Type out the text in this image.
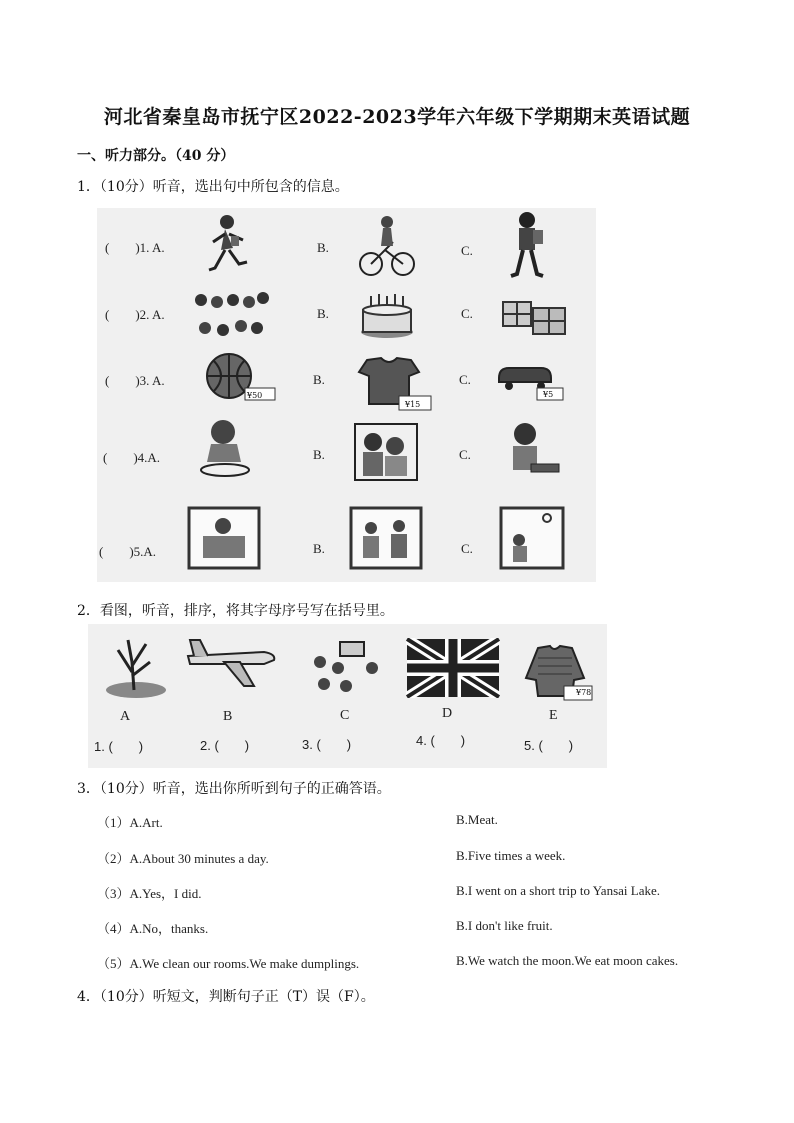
河北省秦皇岛市抚宁区2022-2023学年六年级下学期期末英语试题
一、听力部分。（40 分）
1．（10分）听音，选出句中所包含的信息。
(　　)1. A.	B.	C.
(　　)2. A.	B.	C.
(　　)3. A.	B.	C.
(　　)4.A.	B.	C.
(　　)5.A.	B.	C.
¥50
¥15
¥5
2．看图，听音，排序，将其字母序号写在括号里。
¥78
A	B	C	D	E
1. (　　)	2. (　　)	3. (　　)	4. (　　)	5. (　　)
3．（10分）听音，选出你所听到句子的正确答语。
（1）A.Art.	B.Meat.
（2）A.About 30 minutes a day.	B.Five times a week.
（3）A.Yes，I did.	B.I went on a short trip to Yansai Lake.
（4）A.No，thanks.	B.I don't like fruit.
（5）A.We clean our rooms.We make dumplings.	B.We watch the moon.We eat moon cakes.
4．（10分）听短文，判断句子正（T）误（F）。
